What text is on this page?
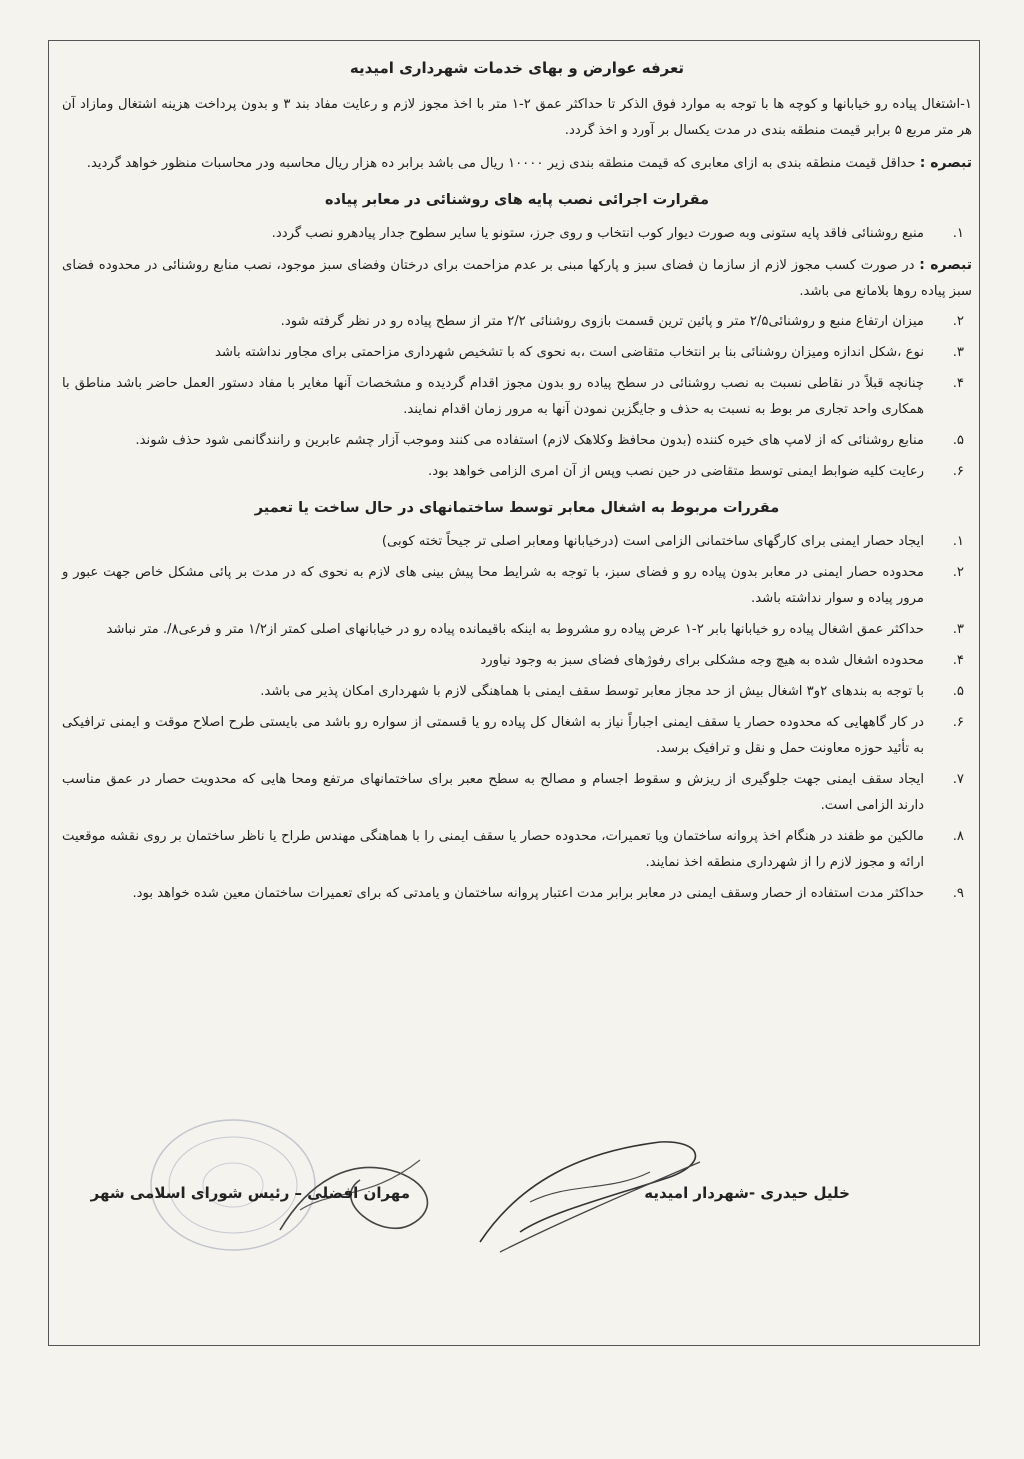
تعرفه عوارض و بهای خدمات شهرداری امیدیه

۱-اشتغال پیاده رو خیابانها و کوچه ها با توجه به موارد فوق الذکر تا حداکثر عمق ۲-۱ متر با اخذ مجوز لازم و رعایت مفاد بند ۳ و بدون پرداخت هزینه اشتغال ومازاد آن هر متر مربع ۵ برابر قیمت منطقه بندی در مدت یکسال بر آورد و اخذ گردد.

تبصره : حداقل قیمت منطقه بندی به ازای معابری که قیمت منطقه بندی زیر ۱۰۰۰۰ ریال می باشد برابر ده هزار ریال محاسبه ودر محاسبات منظور خواهد گردید.

مقرارت اجرائی نصب پایه های روشنائی در معابر پیاده
۱.
منبع روشنائی فاقد پایه ستونی وبه صورت دیوار کوب انتخاب و روی جرز، ستونو یا سایر سطوح جدار پیادهرو نصب گردد.

تبصره : در صورت کسب مجوز لازم از سازما ن فضای سبز و پارکها مبنی بر عدم مزاحمت برای درختان وفضای سبز موجود، نصب منابع روشنائی در محدوده فضای سبز پیاده روها بلامانع می باشد.

۲.
میزان ارتفاع منبع و روشنائی۲/۵ متر و پائین ترین قسمت بازوی روشنائی ۲/۲ متر از سطح پیاده رو در نظر گرفته شود.
۳.
نوع ،شکل اندازه ومیزان روشنائی بنا بر انتخاب متقاضی است ،به نحوی که با تشخیص شهرداری مزاحمتی برای مجاور نداشته باشد
۴.
چنانچه قبلاً در نقاطی نسبت به نصب روشنائی در سطح پیاده رو بدون مجوز اقدام گردیده و مشخصات آنها مغایر با مفاد دستور العمل حاضر باشد مناطق با همکاری واحد تجاری مر بوط به نسبت به حذف و جایگزین نمودن آنها به مرور زمان اقدام نمایند.
۵.
منابع روشنائی که از لامپ های خیره کننده (بدون محافظ وکلاهک لازم) استفاده می کنند وموجب آزار چشم عابرین و رانندگانمی شود حذف شوند.
۶.
رعایت کلیه ضوابط ایمنی توسط متقاضی در حین نصب وپس از آن امری الزامی خواهد بود.
مقررات مربوط به اشغال معابر توسط ساختمانهای در حال ساخت یا تعمیر
۱.
ایجاد حصار ایمنی برای کارگهای ساختمانی الزامی است (درخیابانها ومعابر اصلی تر جیحاً تخته کوبی)
۲.
محدوده حصار ایمنی در معابر بدون پیاده رو و فضای سبز، با توجه به شرایط محا پیش بینی های لازم به نحوی که در مدت بر پائی مشکل خاص جهت عبور و مرور پیاده و سوار نداشته باشد.
۳.
حداکثر عمق اشغال پیاده رو خیابانها بابر ۲-۱ عرض پیاده رو مشروط به اینکه باقیمانده پیاده رو در خیابانهای اصلی کمتر از۱/۲ متر و فرعی۸/. متر نباشد
۴.
محدوده اشغال شده به هیچ وجه مشکلی برای رفوژهای فضای سبز به وجود نیاورد
۵.
با توجه به بندهای ۲و۳ اشغال بیش از حد مجاز معابر توسط سقف ایمنی با هماهنگی لازم با شهرداری امکان پذیر می باشد.
۶.
در کار گاههایی که محدوده حصار یا سقف ایمنی اجباراً نیاز به اشغال کل پیاده رو یا قسمتی از سواره رو باشد می بایستی طرح اصلاح موقت و ایمنی ترافیکی به تأئید حوزه معاونت حمل و نقل و ترافیک برسد.
۷.
ایجاد سقف ایمنی جهت جلوگیری از ریزش و سقوط اجسام و مصالح به سطح معبر برای ساختمانهای مرتفع ومحا هایی که محدویت حصار در عمق مناسب دارند الزامی است.
۸.
مالکین مو ظفند در هنگام اخذ پروانه ساختمان ویا تعمیرات، محدوده حصار یا سقف ایمنی را با هماهنگی مهندس طراح یا ناظر ساختمان بر روی نقشه موقعیت ارائه و مجوز لازم را از شهرداری منطقه اخذ نمایند.
۹.
حداکثر مدت استفاده از حصار وسقف ایمنی در معابر برابر مدت اعتبار پروانه ساختمان و یامدتی که برای تعمیرات ساختمان معین شده خواهد بود.
خلیل حیدری -شهردار امیدیه
مهران افضلی – رئیس شورای اسلامی شهر
